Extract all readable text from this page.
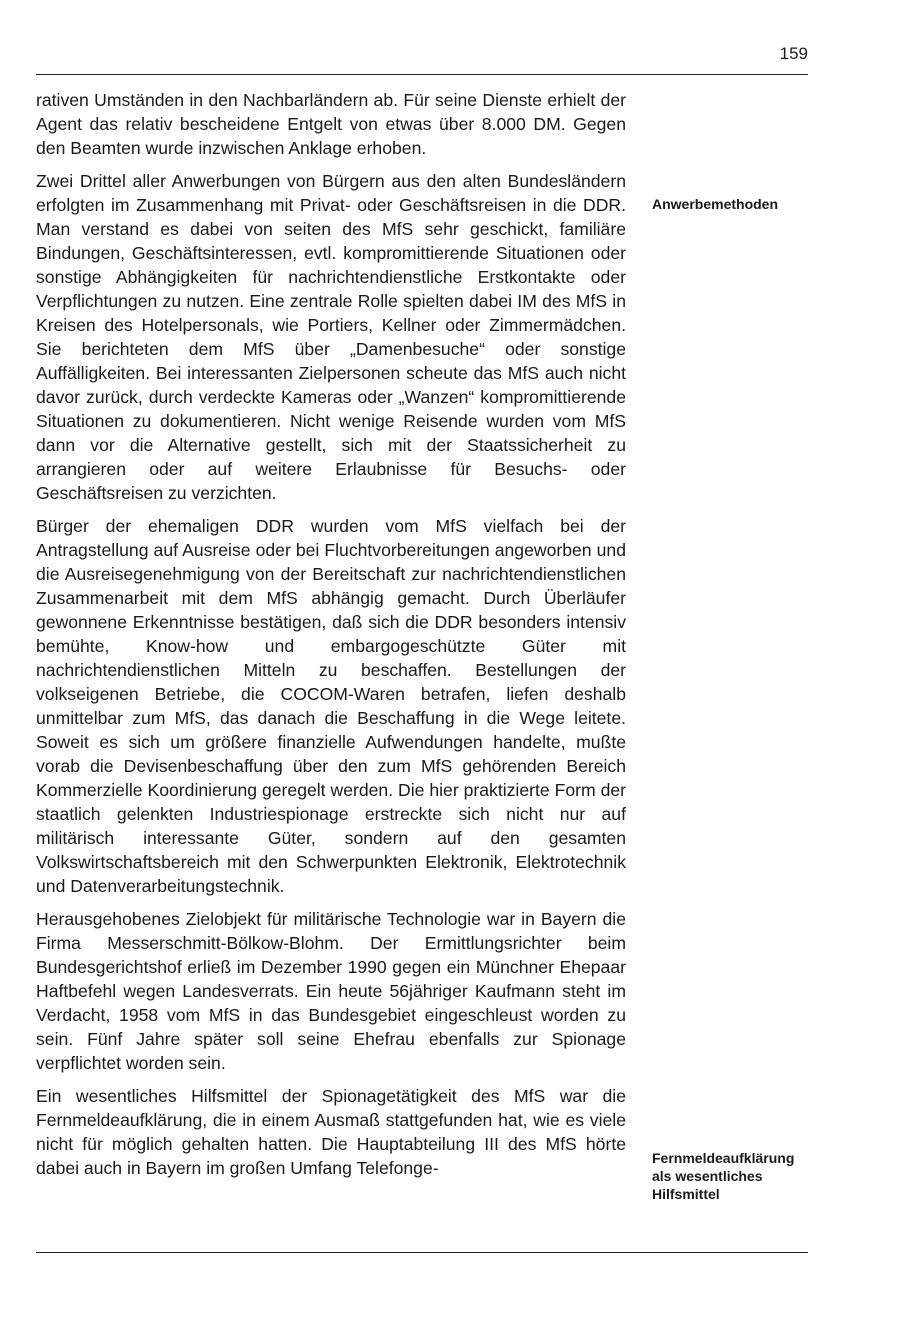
159

rativen Umständen in den Nachbarländern ab. Für seine Dienste erhielt der Agent das relativ bescheidene Entgelt von etwas über 8.000 DM. Gegen den Beamten wurde inzwischen Anklage erhoben.

Zwei Drittel aller Anwerbungen von Bürgern aus den alten Bundesländern erfolgten im Zusammenhang mit Privat- oder Geschäftsreisen in die DDR. Man verstand es dabei von seiten des MfS sehr geschickt, familiäre Bindungen, Geschäftsinteressen, evtl. kompromittierende Situationen oder sonstige Abhängigkeiten für nachrichtendienstliche Erstkontakte oder Verpflichtungen zu nutzen. Eine zentrale Rolle spielten dabei IM des MfS in Kreisen des Hotelpersonals, wie Portiers, Kellner oder Zimmermädchen. Sie berichteten dem MfS über „Damenbesuche“ oder sonstige Auffälligkeiten. Bei interessanten Zielpersonen scheute das MfS auch nicht davor zurück, durch verdeckte Kameras oder „Wanzen“ kompromittierende Situationen zu dokumentieren. Nicht wenige Reisende wurden vom MfS dann vor die Alternative gestellt, sich mit der Staatssicherheit zu arrangieren oder auf weitere Erlaubnisse für Besuchs- oder Geschäftsreisen zu verzichten.

Bürger der ehemaligen DDR wurden vom MfS vielfach bei der Antragstellung auf Ausreise oder bei Fluchtvorbereitungen angeworben und die Ausreisegenehmigung von der Bereitschaft zur nachrichtendienstlichen Zusammenarbeit mit dem MfS abhängig gemacht. Durch Überläufer gewonnene Erkenntnisse bestätigen, daß sich die DDR besonders intensiv bemühte, Know-how und embargogeschützte Güter mit nachrichtendienstlichen Mitteln zu beschaffen. Bestellungen der volkseigenen Betriebe, die COCOM-Waren betrafen, liefen deshalb unmittelbar zum MfS, das danach die Beschaffung in die Wege leitete. Soweit es sich um größere finanzielle Aufwendungen handelte, mußte vorab die Devisenbeschaffung über den zum MfS gehörenden Bereich Kommerzielle Koordinierung geregelt werden. Die hier praktizierte Form der staatlich gelenkten Industriespionage erstreckte sich nicht nur auf militärisch interessante Güter, sondern auf den gesamten Volkswirtschaftsbereich mit den Schwerpunkten Elektronik, Elektrotechnik und Datenverarbeitungstechnik.

Herausgehobenes Zielobjekt für militärische Technologie war in Bayern die Firma Messerschmitt-Bölkow-Blohm. Der Ermittlungsrichter beim Bundesgerichtshof erließ im Dezember 1990 gegen ein Münchner Ehepaar Haftbefehl wegen Landesverrats. Ein heute 56jähriger Kaufmann steht im Verdacht, 1958 vom MfS in das Bundesgebiet eingeschleust worden zu sein. Fünf Jahre später soll seine Ehefrau ebenfalls zur Spionage verpflichtet worden sein.

Ein wesentliches Hilfsmittel der Spionagetätigkeit des MfS war die Fernmeldeaufklärung, die in einem Ausmaß stattgefunden hat, wie es viele nicht für möglich gehalten hatten. Die Hauptabteilung III des MfS hörte dabei auch in Bayern im großen Umfang Telefonge-

Anwerbemethoden
Fernmeldeaufklärung als wesentliches Hilfsmittel
